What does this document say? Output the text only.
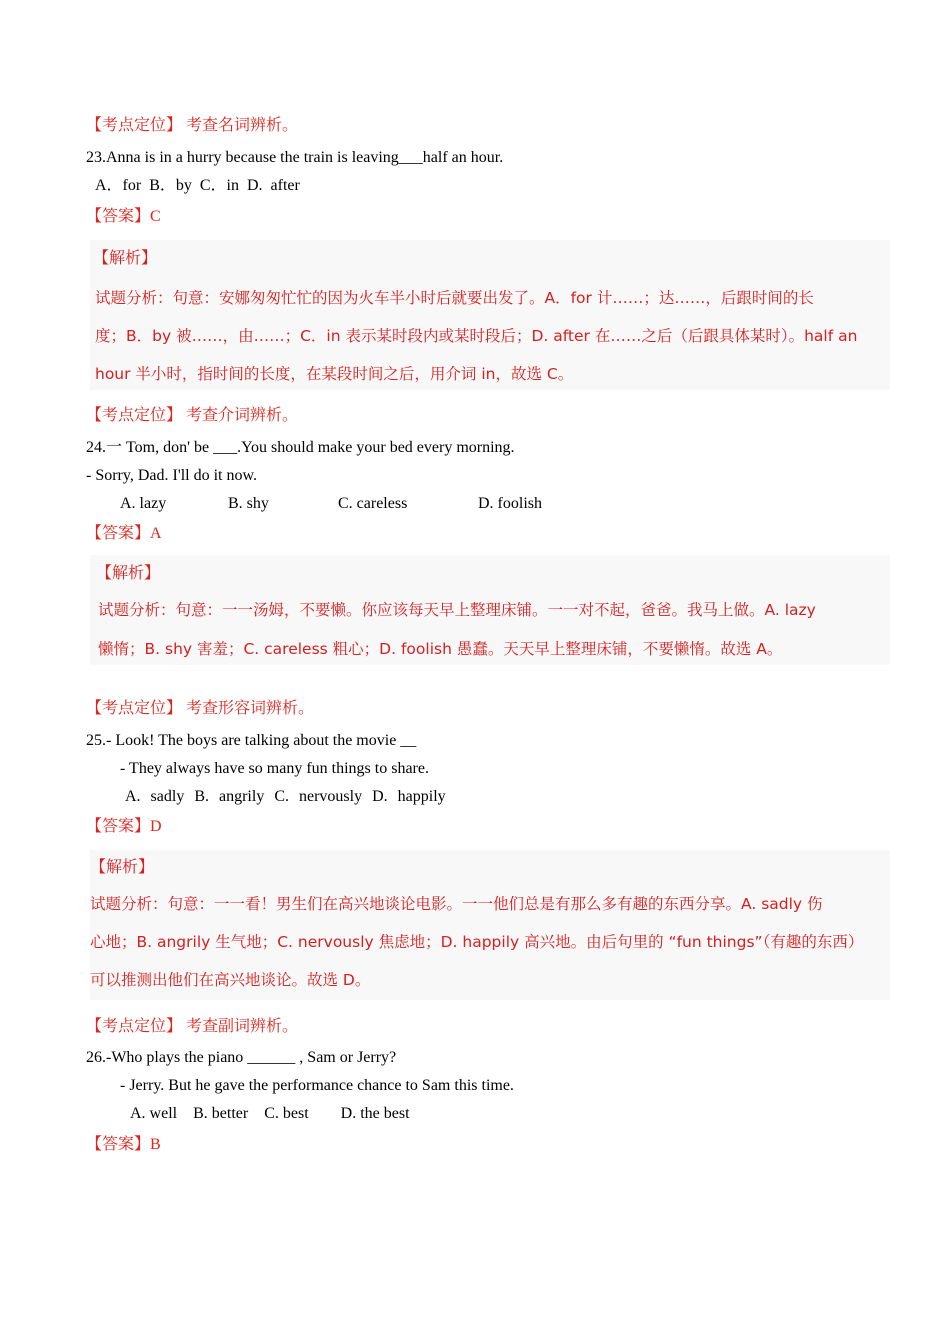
【考点定位】 考查名词辨析。
23.Anna is in a hurry because the train is leaving___half an hour.
A．for B．by C．in D. after
【答案】C
【解析】
试题分析：句意：安娜匆匆忙忙的因为火车半小时后就要出发了。A．for 计……；达……，后跟时间的长
度；B．by 被……，由……；C．in 表示某时段内或某时段后；D. after 在……之后（后跟具体某时）。half an
hour 半小时，指时间的长度，在某段时间之后，用介词 in，故选 C。
【考点定位】 考查介词辨析。
24.一 Tom, don' be ___.You should make your bed every morning.
- Sorry, Dad. I'll do it now.
A. lazy	B. shy	C. careless	D. foolish
【答案】A
【解析】
试题分析：句意：一一汤姆，不要懒。你应该每天早上整理床铺。一一对不起，爸爸。我马上做。A. lazy
懒惰；B. shy 害羞；C. careless 粗心；D. foolish 愚蠢。天天早上整理床铺，不要懒惰。故选 A。
【考点定位】 考查形容词辨析。
25.- Look! The boys are talking about the movie __
- They always have so many fun things to share.
A. sadly B. angrily C. nervously D. happily
【答案】D
【解析】
试题分析：句意：一一看！男生们在高兴地谈论电影。一一他们总是有那么多有趣的东西分享。A. sadly 伤
心地；B. angrily 生气地；C. nervously 焦虑地；D. happily 高兴地。由后句里的 “fun things”（有趣的东西）
可以推测出他们在高兴地谈论。故选 D。
【考点定位】 考查副词辨析。
26.-Who plays the piano ______ , Sam or Jerry?
- Jerry. But he gave the performance chance to Sam this time.
A. well    B. better    C. best        D. the best
【答案】B
